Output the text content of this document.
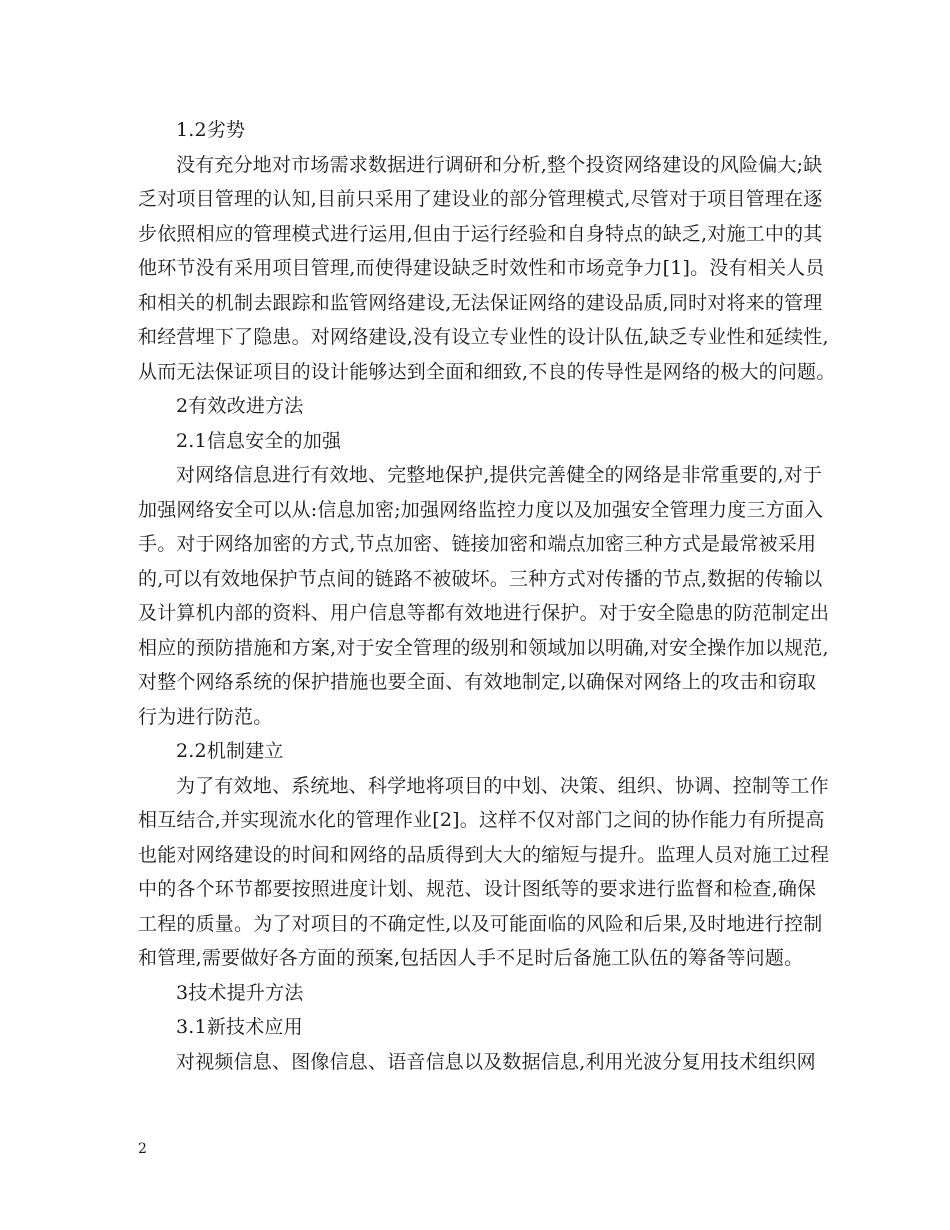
1.2劣势
没有充分地对市场需求数据进行调研和分析,整个投资网络建设的风险偏大;缺
乏对项目管理的认知,目前只采用了建设业的部分管理模式,尽管对于项目管理在逐
步依照相应的管理模式进行运用,但由于运行经验和自身特点的缺乏,对施工中的其
他环节没有采用项目管理,而使得建设缺乏时效性和市场竞争力[1]。没有相关人员
和相关的机制去跟踪和监管网络建设,无法保证网络的建设品质,同时对将来的管理
和经营埋下了隐患。对网络建设,没有设立专业性的设计队伍,缺乏专业性和延续性,
从而无法保证项目的设计能够达到全面和细致,不良的传导性是网络的极大的问题。
2有效改进方法
2.1信息安全的加强
对网络信息进行有效地、完整地保护,提供完善健全的网络是非常重要的,对于
加强网络安全可以从:信息加密;加强网络监控力度以及加强安全管理力度三方面入
手。对于网络加密的方式,节点加密、链接加密和端点加密三种方式是最常被采用
的,可以有效地保护节点间的链路不被破坏。三种方式对传播的节点,数据的传输以
及计算机内部的资料、用户信息等都有效地进行保护。对于安全隐患的防范制定出
相应的预防措施和方案,对于安全管理的级别和领域加以明确,对安全操作加以规范,
对整个网络系统的保护措施也要全面、有效地制定,以确保对网络上的攻击和窃取
行为进行防范。
2.2机制建立
为了有效地、系统地、科学地将项目的中划、决策、组织、协调、控制等工作
相互结合,并实现流水化的管理作业[2]。这样不仅对部门之间的协作能力有所提高
也能对网络建设的时间和网络的品质得到大大的缩短与提升。监理人员对施工过程
中的各个环节都要按照进度计划、规范、设计图纸等的要求进行监督和检查,确保
工程的质量。为了对项目的不确定性,以及可能面临的风险和后果,及时地进行控制
和管理,需要做好各方面的预案,包括因人手不足时后备施工队伍的筹备等问题。
3技术提升方法
3.1新技术应用
对视频信息、图像信息、语音信息以及数据信息,利用光波分复用技术组织网
2
